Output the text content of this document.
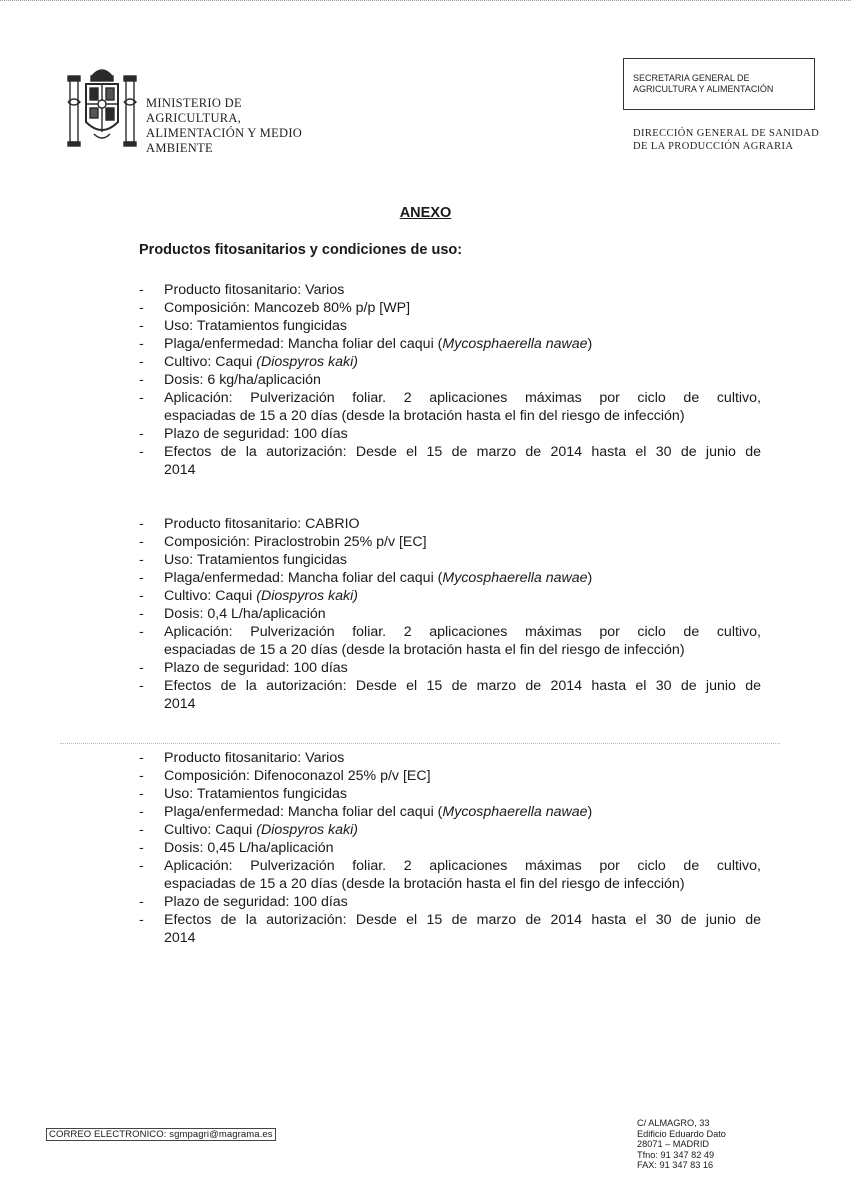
MINISTERIO DE
AGRICULTURA,
ALIMENTACIÓN Y MEDIO
AMBIENTE
SECRETARIA GENERAL DE
AGRICULTURA Y ALIMENTACIÓN
DIRECCIÓN GENERAL DE SANIDAD
DE LA PRODUCCIÓN AGRARIA
ANEXO
Productos fitosanitarios y condiciones de uso:
- Producto fitosanitario: Varios
- Composición: Mancozeb 80% p/p [WP]
- Uso: Tratamientos fungicidas
- Plaga/enfermedad: Mancha foliar del caqui (Mycosphaerella nawae)
- Cultivo: Caqui (Diospyros kaki)
- Dosis: 6 kg/ha/aplicación
- Aplicación: Pulverización foliar. 2 aplicaciones máximas por ciclo de cultivo,
espaciadas de 15 a 20 días (desde la brotación hasta el fin del riesgo de infección)
- Plazo de seguridad: 100 días
- Efectos de la autorización: Desde el 15 de marzo de 2014 hasta el 30 de junio de
2014
- Producto fitosanitario: CABRIO
- Composición: Piraclostrobin 25% p/v [EC]
- Uso: Tratamientos fungicidas
- Plaga/enfermedad: Mancha foliar del caqui (Mycosphaerella nawae)
- Cultivo: Caqui (Diospyros kaki)
- Dosis: 0,4 L/ha/aplicación
- Aplicación: Pulverización foliar. 2 aplicaciones máximas por ciclo de cultivo,
espaciadas de 15 a 20 días (desde la brotación hasta el fin del riesgo de infección)
- Plazo de seguridad: 100 días
- Efectos de la autorización: Desde el 15 de marzo de 2014 hasta el 30 de junio de
2014
- Producto fitosanitario: Varios
- Composición: Difenoconazol 25% p/v [EC]
- Uso: Tratamientos fungicidas
- Plaga/enfermedad: Mancha foliar del caqui (Mycosphaerella nawae)
- Cultivo: Caqui (Diospyros kaki)
- Dosis: 0,45 L/ha/aplicación
- Aplicación: Pulverización foliar. 2 aplicaciones máximas por ciclo de cultivo,
espaciadas de 15 a 20 días (desde la brotación hasta el fin del riesgo de infección)
- Plazo de seguridad: 100 días
- Efectos de la autorización: Desde el 15 de marzo de 2014 hasta el 30 de junio de
2014
CORREO ELECTRONICO: sgmpagri@magrama.es
C/ ALMAGRO, 33
Edificio Eduardo Dato
28071 – MADRID
Tfno: 91 347 82 49
FAX: 91 347 83 16
